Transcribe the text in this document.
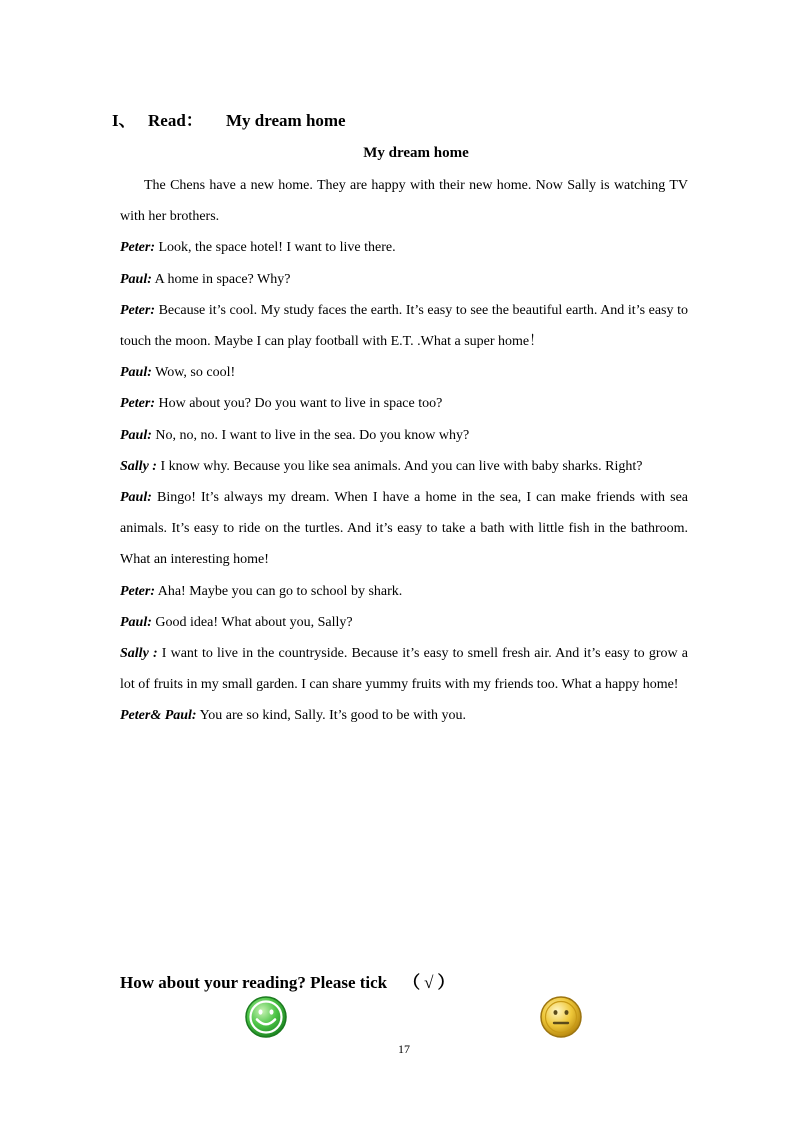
I、 Read： My dream home
My dream home

The Chens have a new home. They are happy with their new home. Now Sally is watching TV with her brothers.

Peter: Look, the space hotel! I want to live there.

Paul: A home in space? Why?

Peter: Because it’s cool. My study faces the earth. It’s easy to see the beautiful earth. And it’s easy to touch the moon. Maybe I can play football with E.T. .What a super home！

Paul: Wow, so cool!

Peter: How about you? Do you want to live in space too?

Paul: No, no, no. I want to live in the sea. Do you know why?

Sally : I know why. Because you like sea animals. And you can live with baby sharks. Right?

Paul: Bingo! It’s always my dream. When I have a home in the sea, I can make friends with sea animals. It’s easy to ride on the turtles. And it’s easy to take a bath with little fish in the bathroom. What an interesting home!

Peter: Aha! Maybe you can go to school by shark.

Paul: Good idea! What about you, Sally?

Sally : I want to live in the countryside. Because it’s easy to smell fresh air. And it’s easy to grow a lot of fruits in my small garden. I can share yummy fruits with my friends too. What a happy home!

Peter& Paul: You are so kind, Sally. It’s good to be with you.

How about your reading? Please tick （√）
17
